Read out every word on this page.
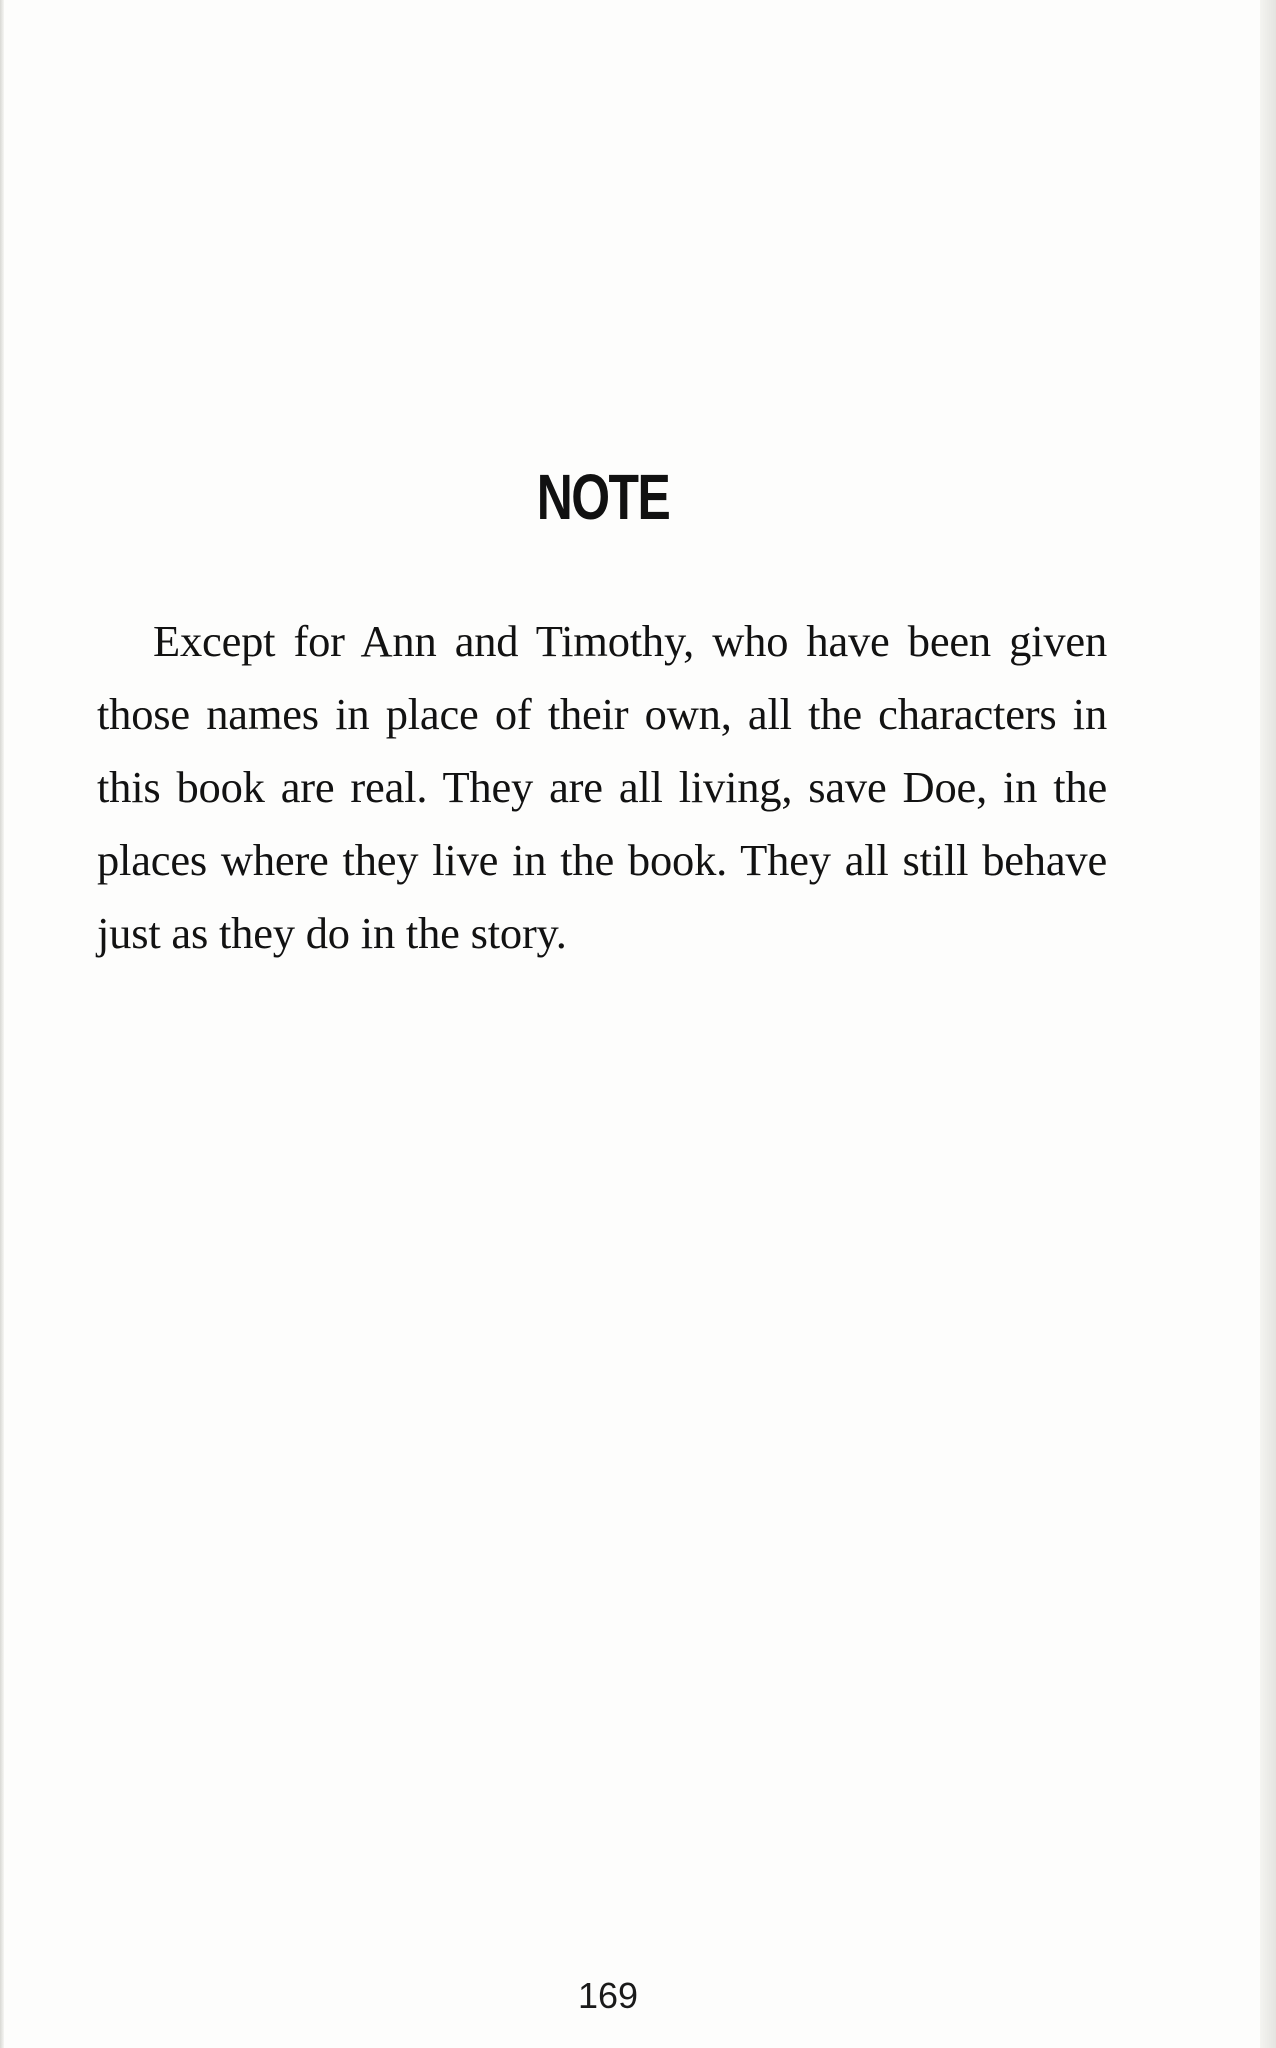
NOTE

Except for Ann and Timothy, who have been given those names in place of their own, all the characters in this book are real. They are all living, save Doe, in the places where they live in the book. They all still behave just as they do in the story.

169
